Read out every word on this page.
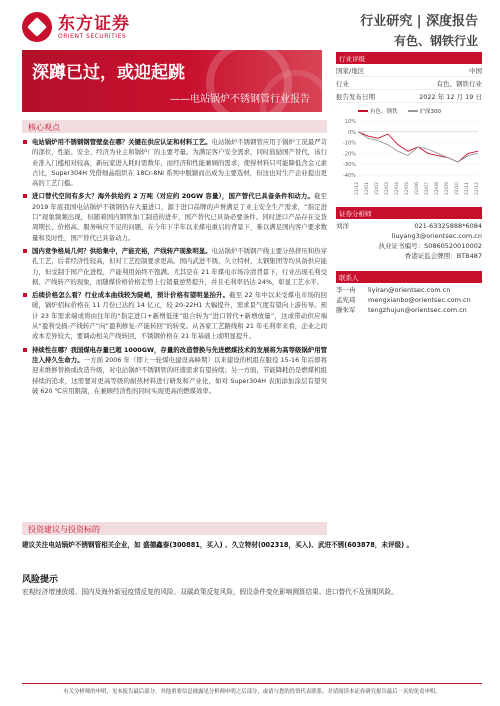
东方证券
ORIENT SECURITIES
行业研究 | 深度报告
有色、钢铁行业
深蹲已过，或迎起跳
——电站锅炉不锈钢管行业报告
行业评级	看好（维持）
国家/地区	中国
行业	有色、钢铁行业
报告发布日期	2022 年 12 月 19 日
有色、钢铁	沪深300
10%
0%
-10%
-20%
-30%
-40%
21/12 22/01 22/02 22/03 22/04 22/05 22/06 22/07 22/08 22/09 22/10 22/11 22/12
证券分析师
刘洋	021-63325888*6084
liuyang3@orientsec.com.cn
执业证书编号：S0860520010002
香港证监会牌照：BTB487
联系人
李一冉	liyiran@orientsec.com.cn
孟宪琦	mengxianbo@orientsec.com.cn
滕朱军	tengzhujun@orientsec.com.cn
核心观点
电站锅炉用不锈钢钢管壁垒在哪？关键在供应认证和材料工艺。电站锅炉不锈钢管应用于锅炉工况最严苛的部位，性能、安全、经济为业主和锅炉厂的主要考量。为满足客户安全需求，同时鼓励国产替代，该行业准入门槛相对较高，新玩家进入耗时需数年，而经济和性能兼顾的需求，使得材料只可能降低含金元素占比，Super304H 凭借细晶组织在 18Cr-8Ni 系列中脱颖而出成为主要选材，但这也对生产企业提出更高的工艺门槛。
进口替代空间有多大？海外供给约 2 万吨（对应约 20GW 容量），国产替代已具备条件和动力。截至 2019 年底我国电站锅炉不锈钢仍存大量进口，源于进口品牌的声誉满足了业主安全生产需求，“指定进口”现象频频出现，但随着国内钢管加工制造的进步，国产替代已具备必要条件。同时进口产品存在交货周期长、价格高、服务响应不足的问题，在今年下半年以来煤电重启的背景下，难以满足国内客户要求数量和及时性，国产替代已具备动力。
国内竞争格局几何？供给集中，产能充裕，产线转产现象明显。电站锅炉不锈钢产线主要分热挤压和热穿孔工艺，后者经济性较高，但对工艺控制要求更高。国内武进不锈、久立特材、太钢集团等均具备供应能力，但受制于国产化进程，产能利用始终不饱满。尤其是在 21 年煤电市场冷清背景下，行业出现毛利受损、产线转产的现象，而随煤价格价格走势上行销量逆势提升，并且毛利率仍达 24%，彰显工艺水平。
后续价格怎么看？行业成本曲线较为陡峭，预计价格有望明显抬升。截至 22 年中以来受煤电市场的回暖，锅炉招标价格在 11 月份已达约 14 亿元，较 20-22H1 大幅提升，需求景气度有望向上游传导。预计 23 年需求端或将由往年的“指定进口+新增低迷”组合转为“进口替代+新增放量”，这或带动供应端从“盈利受损-产线转产”向“盈利修复-产能转回”的转变。从各家工艺路线和 21 年毛利率来看，企业之间成本差异较大，要调动相关产线转回，不锈钢价格在 21 年基础上或明显提升。
持续性在哪？我国煤电存量已超 1000GW，存量的改造替换与先进燃煤技术的发展将为高等级锅炉用管注入持久生命力。一方面 2006 年（即上一轮煤电建设高峰期）以来建设的机组在服役 15-16 年后即将迎来维修替换或改造升级，对电站锅炉不锈钢管的旺盛需求有望持续；另一方面，节能降耗仍是燃煤机组持续的追求，这需要对更高等级的耐热材料进行研发和产业化，如对 Super304H 表面添加涂层有望突破 620 ℃应用限制，在兼顾经济性的同时实现更高的燃煤效率。
投资建议与投资标的
建议关注电站锅炉不锈钢管相关企业，如 盛德鑫泰(300881，买入) 、久立特材(002318，买入)、武进不锈(603878，未评级) 。
风险提示
宏观经济增速放缓、国内及海外新冠疫情反复的风险、双碳政策反复风险，假设条件变化影响测算结果、进口替代不及预期风险。
有关分析师的申明，见本报告最后部分。其他重要信息披露见分析师申明之后部分，或请与您的投资代表联系。并请阅读本证券研究报告最后一页的免责申明。
